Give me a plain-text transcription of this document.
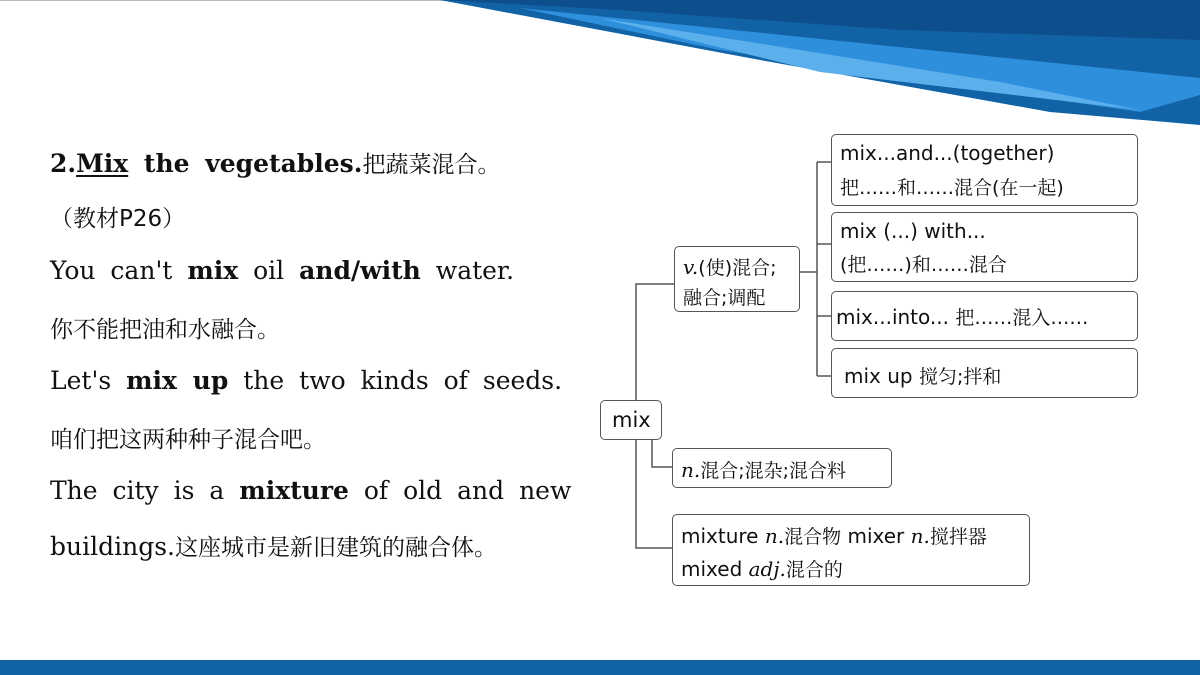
2.Mix the vegetables.把蔬菜混合。
（教材P26）
You can't mix oil and/with water.
你不能把油和水融合。
Let's mix up the two kinds of seeds.
咱们把这两种种子混合吧。
The city is a mixture of old and new
buildings.这座城市是新旧建筑的融合体。
mix
v.(使)混合;
融合;调配
mix...and...(together)
把……和……混合(在一起)
mix (...) with...
(把……)和……混合
mix...into... 把……混入……
mix up 搅匀;拌和
n.混合;混杂;混合料
mixture n.混合物 mixer n.搅拌器
mixed adj.混合的
